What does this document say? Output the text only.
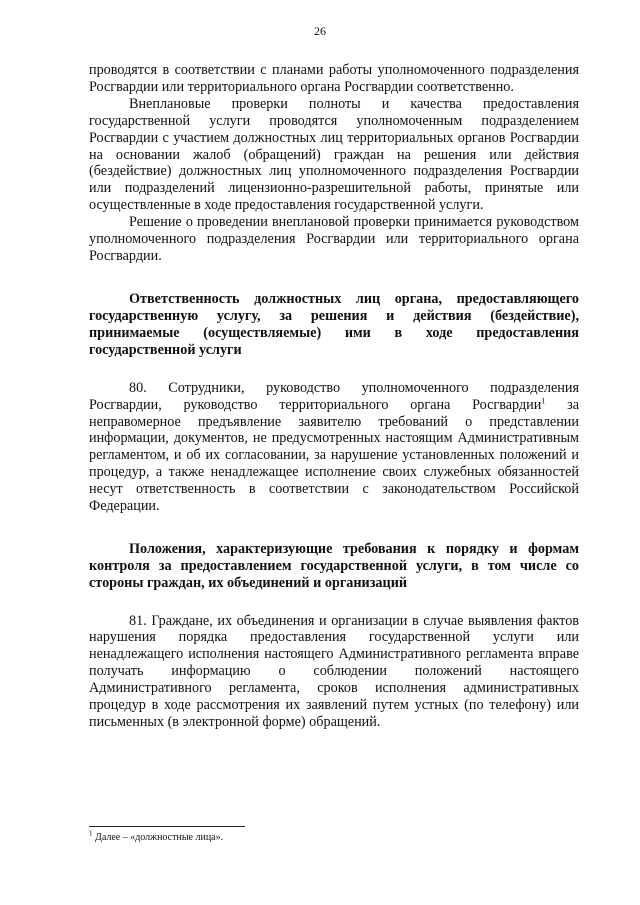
26

проводятся в соответствии с планами работы уполномоченного подразделения Росгвардии или территориального органа Росгвардии соответственно.

Внеплановые проверки полноты и качества предоставления государственной услуги проводятся уполномоченным подразделением Росгвардии с участием должностных лиц территориальных органов Росгвардии на основании жалоб (обращений) граждан на решения или действия (бездействие) должностных лиц уполномоченного подразделения Росгвардии или подразделений лицензионно-разрешительной работы, принятые или осуществленные в ходе предоставления государственной услуги.

Решение о проведении внеплановой проверки принимается руководством уполномоченного подразделения Росгвардии или территориального органа Росгвардии.

Ответственность должностных лиц органа, предоставляющего государственную услугу, за решения и действия (бездействие), принимаемые (осуществляемые) ими в ходе предоставления государственной услуги

80. Сотрудники, руководство уполномоченного подразделения Росгвардии, руководство территориального органа Росгвардии$^1$ за неправомерное предъявление заявителю требований о представлении информации, документов, не предусмотренных настоящим Административным регламентом, и об их согласовании, за нарушение установленных положений и процедур, а также ненадлежащее исполнение своих служебных обязанностей несут ответственность в соответствии с законодательством Российской Федерации.

Положения, характеризующие требования к порядку и формам контроля за предоставлением государственной услуги, в том числе со стороны граждан, их объединений и организаций

81. Граждане, их объединения и организации в случае выявления фактов нарушения порядка предоставления государственной услуги или ненадлежащего исполнения настоящего Административного регламента вправе получать информацию о соблюдении положений настоящего Административного регламента, сроков исполнения административных процедур в ходе рассмотрения их заявлений путем устных (по телефону) или письменных (в электронной форме) обращений.

$^1$ Далее – «должностные лица».
